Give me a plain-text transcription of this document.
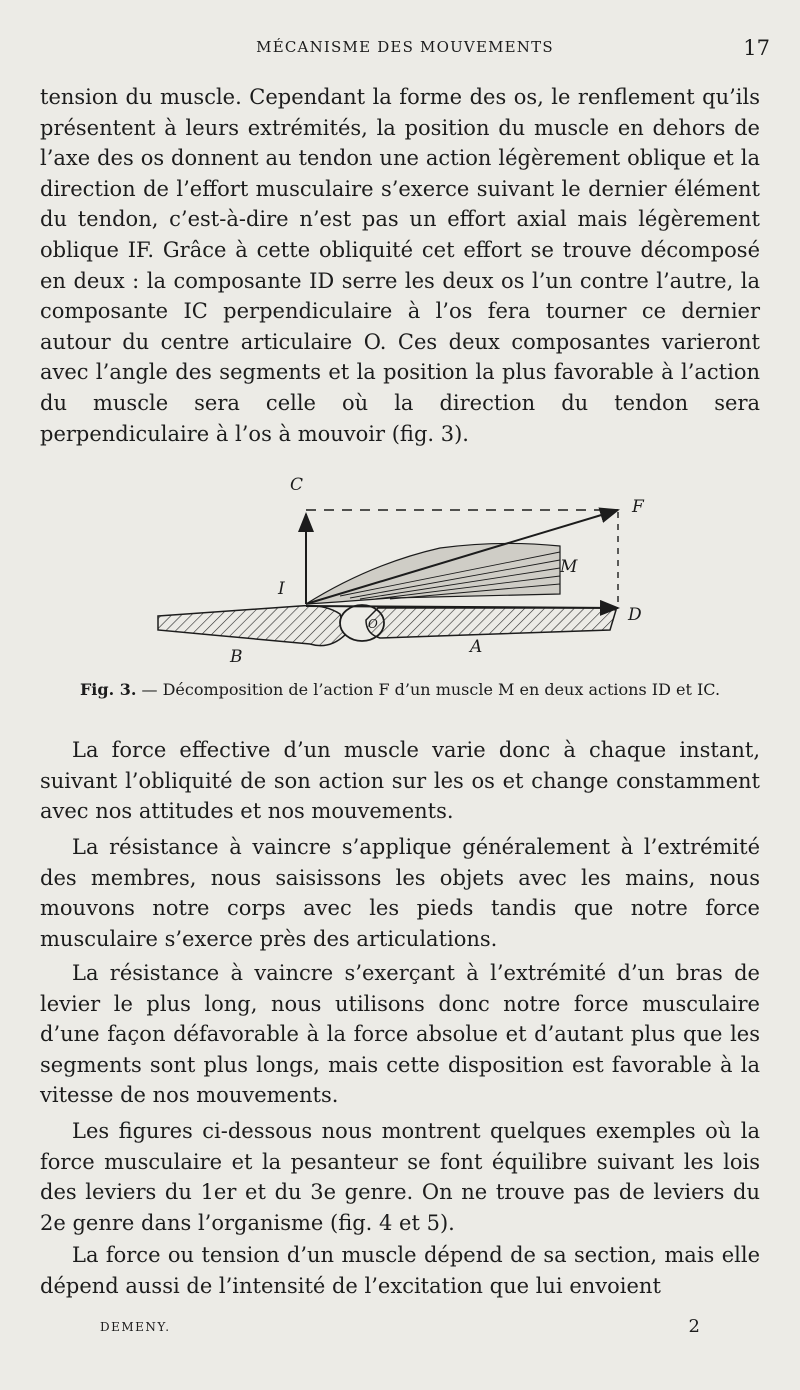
MÉCANISME DES MOUVEMENTS	17

tension du muscle. Cependant la forme des os, le renflement qu’ils présentent à leurs extrémités, la position du muscle en dehors de l’axe des os donnent au tendon une action légèrement oblique et la direction de l’effort musculaire s’exerce suivant le dernier élément du tendon, c’est-à-dire n’est pas un effort axial mais légèrement oblique IF. Grâce à cette obliquité cet effort se trouve décomposé en deux : la composante ID serre les deux os l’un contre l’autre, la composante IC perpendiculaire à l’os fera tourner ce dernier autour du centre articulaire O. Ces deux composantes varieront avec l’angle des segments et la position la plus favorable à l’action du muscle sera celle où la direction du tendon sera perpendiculaire à l’os à mouvoir (fig. 3).

C
F
M
I
D
O
A
B
Fig. 3. — Décomposition de l’action F d’un muscle M en deux actions ID et IC.

La force effective d’un muscle varie donc à chaque instant, suivant l’obliquité de son action sur les os et change constamment avec nos attitudes et nos mouvements.

La résistance à vaincre s’applique généralement à l’extrémité des membres, nous saisissons les objets avec les mains, nous mouvons notre corps avec les pieds tandis que notre force musculaire s’exerce près des articulations.

La résistance à vaincre s’exerçant à l’extrémité d’un bras de levier le plus long, nous utilisons donc notre force musculaire d’une façon défavorable à la force absolue et d’autant plus que les segments sont plus longs, mais cette disposition est favorable à la vitesse de nos mouvements.

Les figures ci-dessous nous montrent quelques exemples où la force musculaire et la pesanteur se font équilibre suivant les lois des leviers du 1er et du 3e genre. On ne trouve pas de leviers du 2e genre dans l’organisme (fig. 4 et 5).

La force ou tension d’un muscle dépend de sa section, mais elle dépend aussi de l’intensité de l’excitation que lui envoient

DEMENY.	2
